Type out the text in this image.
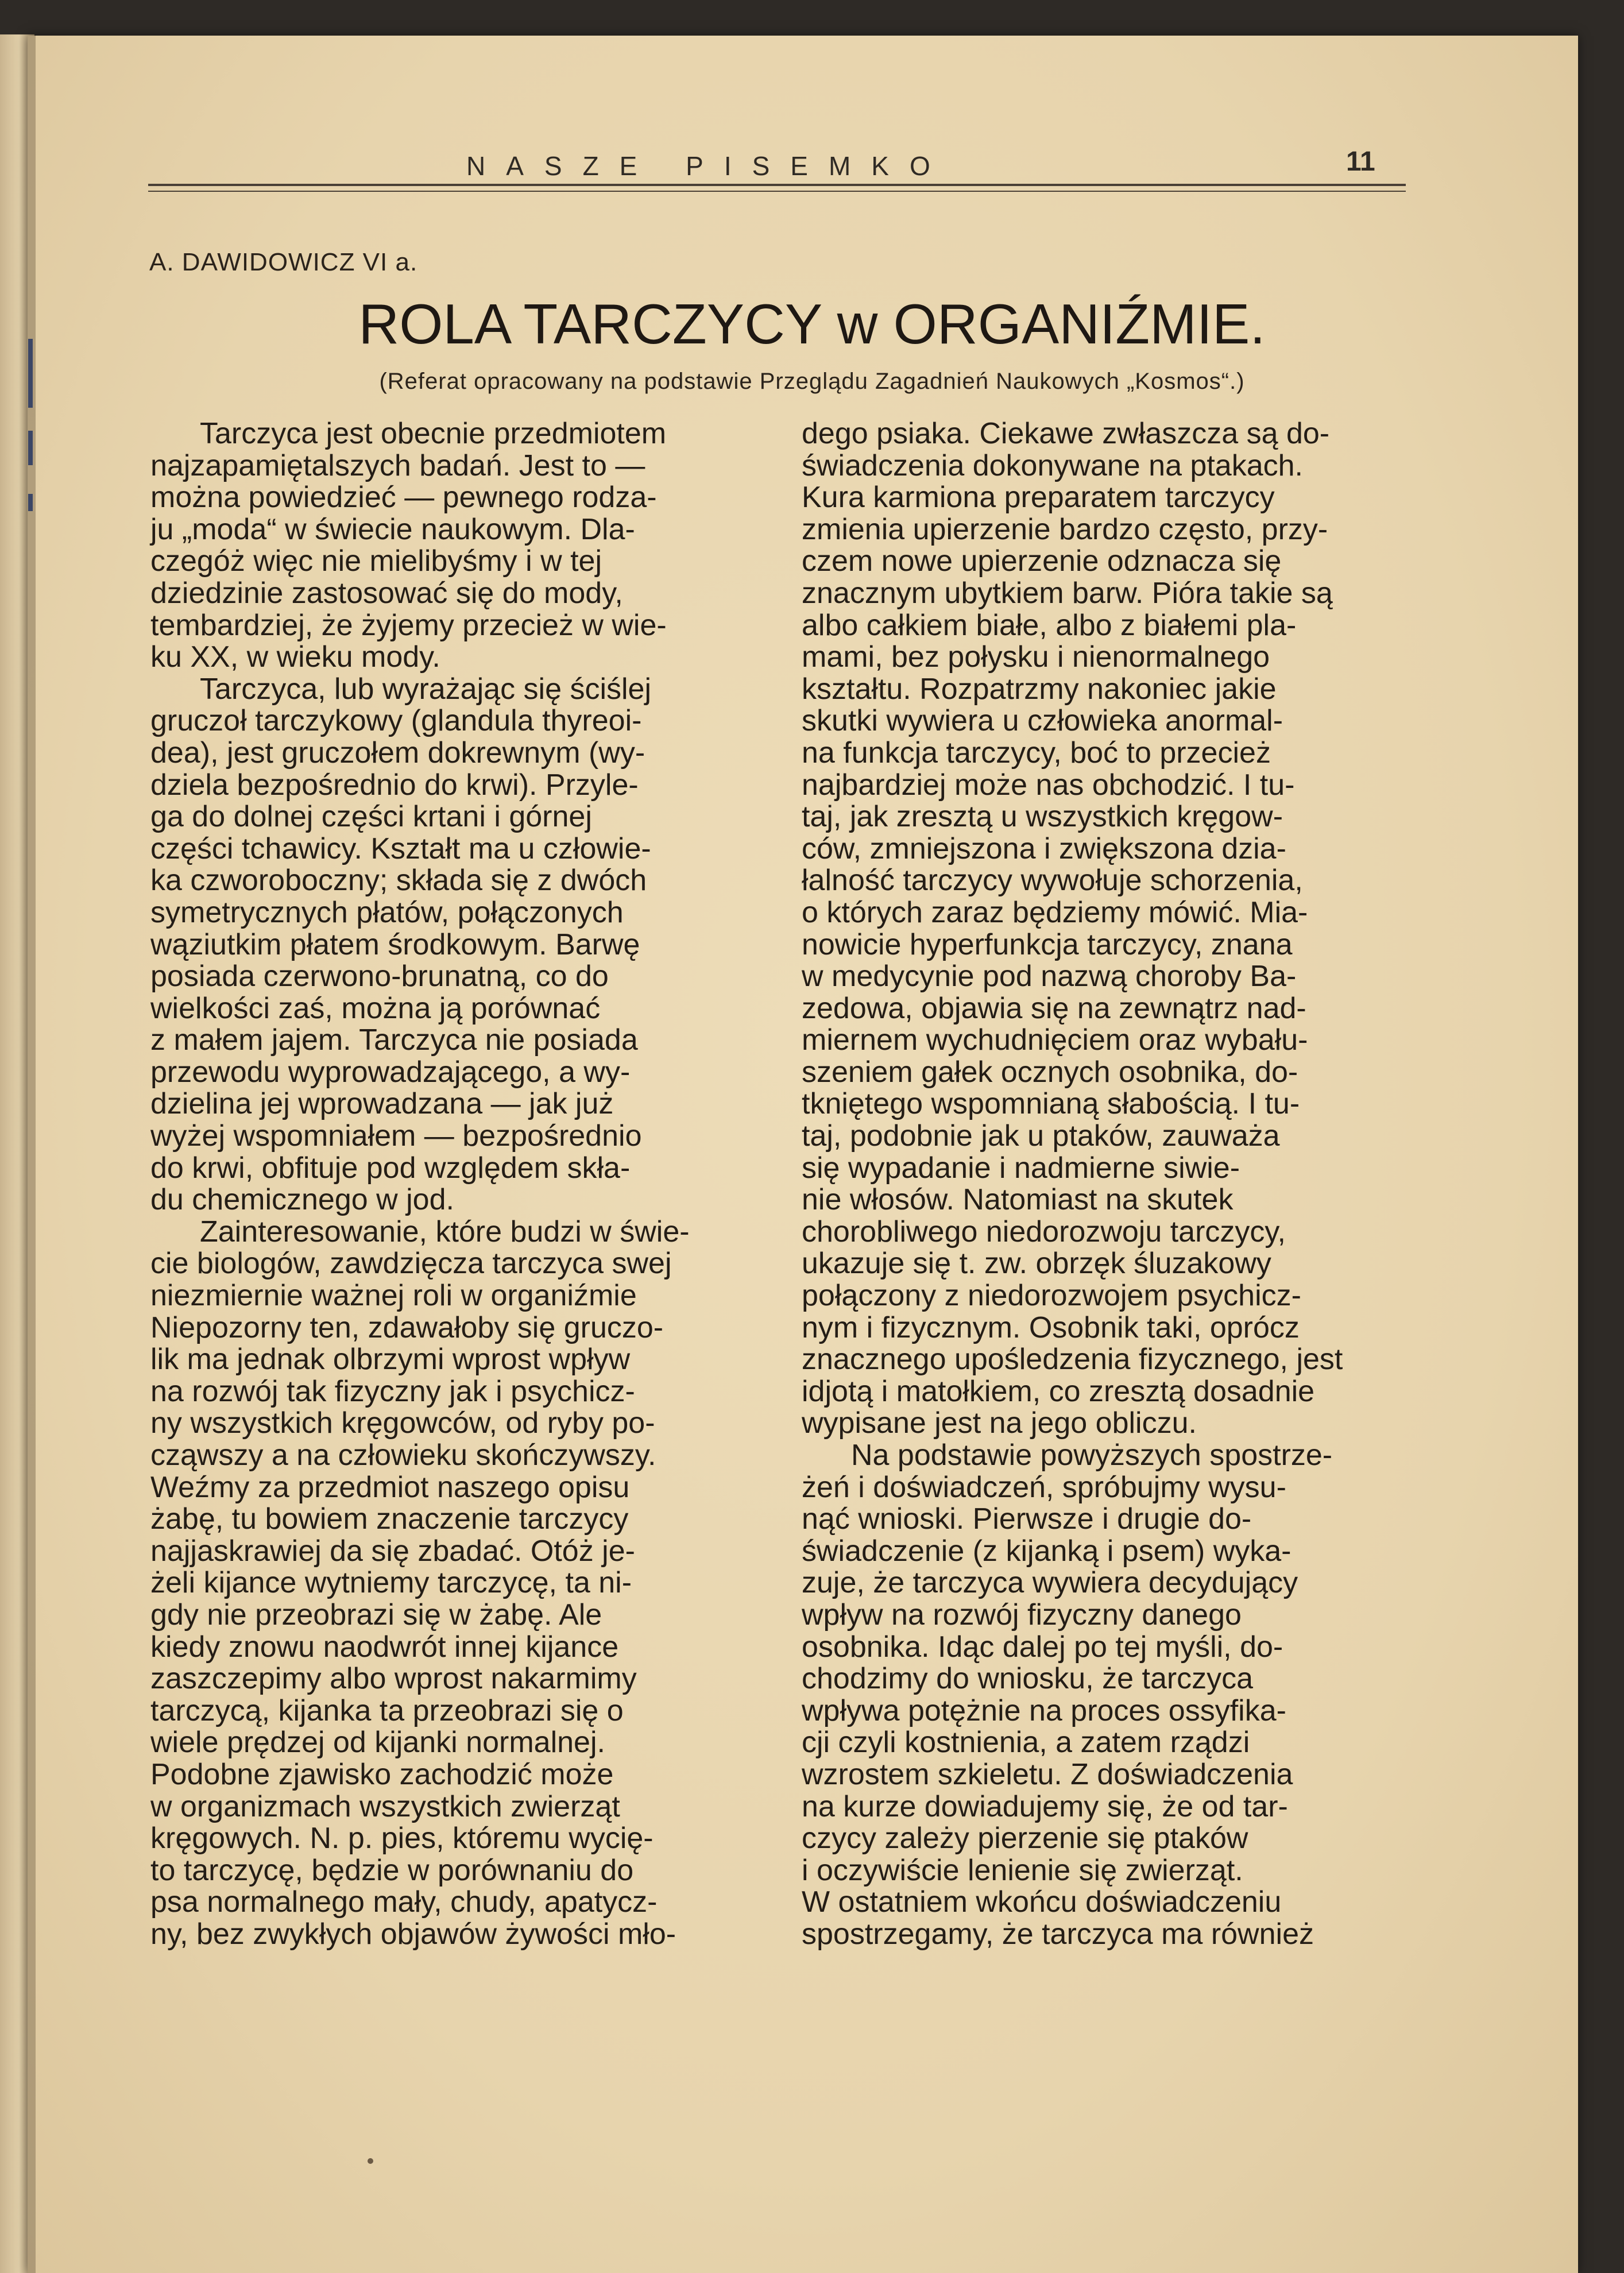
NASZE PISEMKO	11
A. DAWIDOWICZ VI a.
ROLA TARCZYCY w ORGANIŹMIE.
(Referat opracowany na podstawie Przeglądu Zagadnień Naukowych „Kosmos“.)
Tarczyca jest obecnie przedmiotem
najzapamiętalszych badań. Jest to —
można powiedzieć — pewnego rodza-
ju „moda“ w świecie naukowym. Dla-
czegóż więc nie mielibyśmy i w tej
dziedzinie zastosować się do mody,
tembardziej, że żyjemy przecież w wie-
ku XX, w wieku mody.
Tarczyca, lub wyrażając się ściślej
gruczoł tarczykowy (glandula thyreoi-
dea), jest gruczołem dokrewnym (wy-
dziela bezpośrednio do krwi). Przyle-
ga do dolnej części krtani i górnej
części tchawicy. Kształt ma u człowie-
ka czworoboczny; składa się z dwóch
symetrycznych płatów, połączonych
wąziutkim płatem środkowym. Barwę
posiada czerwono-brunatną, co do
wielkości zaś, można ją porównać
z małem jajem. Tarczyca nie posiada
przewodu wyprowadzającego, a wy-
dzielina jej wprowadzana — jak już
wyżej wspomniałem — bezpośrednio
do krwi, obfituje pod względem skła-
du chemicznego w jod.
Zainteresowanie, które budzi w świe-
cie biologów, zawdzięcza tarczyca swej
niezmiernie ważnej roli w organiźmie
Niepozorny ten, zdawałoby się gruczo-
lik ma jednak olbrzymi wprost wpływ
na rozwój tak fizyczny jak i psychicz-
ny wszystkich kręgowców, od ryby po-
cząwszy a na człowieku skończywszy.
Weźmy za przedmiot naszego opisu
żabę, tu bowiem znaczenie tarczycy
najjaskrawiej da się zbadać. Otóż je-
żeli kijance wytniemy tarczycę, ta ni-
gdy nie przeobrazi się w żabę. Ale
kiedy znowu naodwrót innej kijance
zaszczepimy albo wprost nakarmimy
tarczycą, kijanka ta przeobrazi się o
wiele prędzej od kijanki normalnej.
Podobne zjawisko zachodzić może
w organizmach wszystkich zwierząt
kręgowych. N. p. pies, któremu wycię-
to tarczycę, będzie w porównaniu do
psa normalnego mały, chudy, apatycz-
ny, bez zwykłych objawów żywości mło-
dego psiaka. Ciekawe zwłaszcza są do-
świadczenia dokonywane na ptakach.
Kura karmiona preparatem tarczycy
zmienia upierzenie bardzo często, przy-
czem nowe upierzenie odznacza się
znacznym ubytkiem barw. Pióra takie są
albo całkiem białe, albo z białemi pla-
mami, bez połysku i nienormalnego
kształtu. Rozpatrzmy nakoniec jakie
skutki wywiera u człowieka anormal-
na funkcja tarczycy, boć to przecież
najbardziej może nas obchodzić. I tu-
taj, jak zresztą u wszystkich kręgow-
ców, zmniejszona i zwiększona dzia-
łalność tarczycy wywołuje schorzenia,
o których zaraz będziemy mówić. Mia-
nowicie hyperfunkcja tarczycy, znana
w medycynie pod nazwą choroby Ba-
zedowa, objawia się na zewnątrz nad-
miernem wychudnięciem oraz wybału-
szeniem gałek ocznych osobnika, do-
tkniętego wspomnianą słabością. I tu-
taj, podobnie jak u ptaków, zauważa
się wypadanie i nadmierne siwie-
nie włosów. Natomiast na skutek
chorobliwego niedorozwoju tarczycy,
ukazuje się t. zw. obrzęk śluzakowy
połączony z niedorozwojem psychicz-
nym i fizycznym. Osobnik taki, oprócz
znacznego upośledzenia fizycznego, jest
idjotą i matołkiem, co zresztą dosadnie
wypisane jest na jego obliczu.
Na podstawie powyższych spostrze-
żeń i doświadczeń, spróbujmy wysu-
nąć wnioski. Pierwsze i drugie do-
świadczenie (z kijanką i psem) wyka-
zuje, że tarczyca wywiera decydujący
wpływ na rozwój fizyczny danego
osobnika. Idąc dalej po tej myśli, do-
chodzimy do wniosku, że tarczyca
wpływa potężnie na proces ossyfika-
cji czyli kostnienia, a zatem rządzi
wzrostem szkieletu. Z doświadczenia
na kurze dowiadujemy się, że od tar-
czycy zależy pierzenie się ptaków
i oczywiście lenienie się zwierząt.
W ostatniem wkońcu doświadczeniu
spostrzegamy, że tarczyca ma również
